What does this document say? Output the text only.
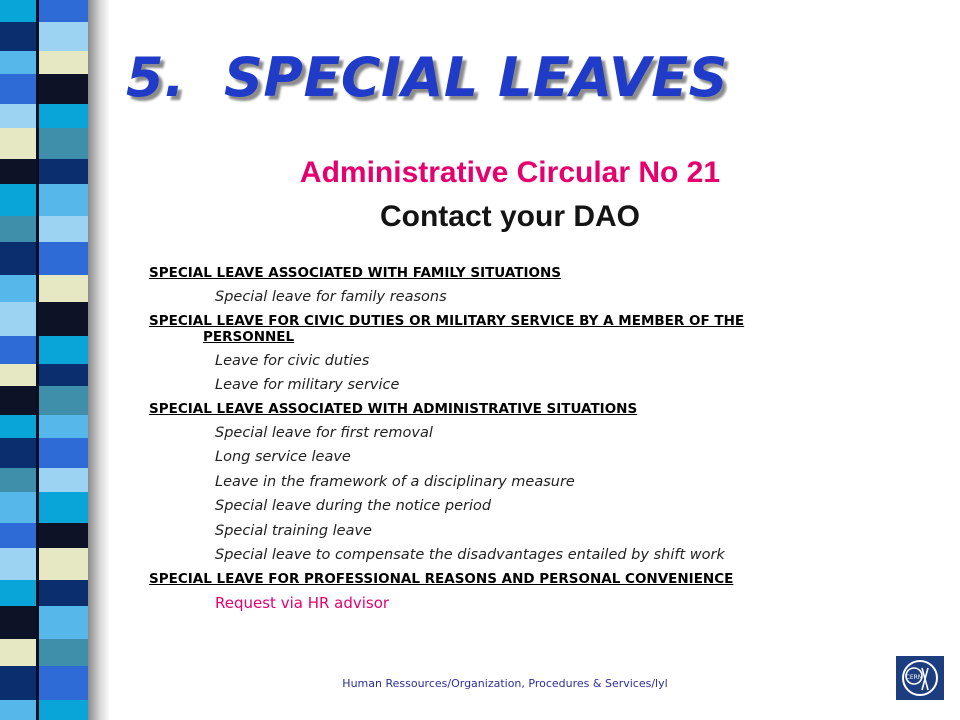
5. SPECIAL LEAVES
Administrative Circular No 21
Contact your DAO
SPECIAL LEAVE ASSOCIATED WITH FAMILY SITUATIONS
Special leave for family reasons
SPECIAL LEAVE FOR CIVIC DUTIES OR MILITARY SERVICE BY A MEMBER OF THE
PERSONNEL
Leave for civic duties
Leave for military service
SPECIAL LEAVE ASSOCIATED WITH ADMINISTRATIVE SITUATIONS
Special leave for first removal
Long service leave
Leave in the framework of a disciplinary measure
Special leave during the notice period
Special training leave
Special leave to compensate the disadvantages entailed by shift work
SPECIAL LEAVE FOR PROFESSIONAL REASONS AND PERSONAL CONVENIENCE
Request via HR advisor
Human Ressources/Organization, Procedures & Services/lyl	CERN
